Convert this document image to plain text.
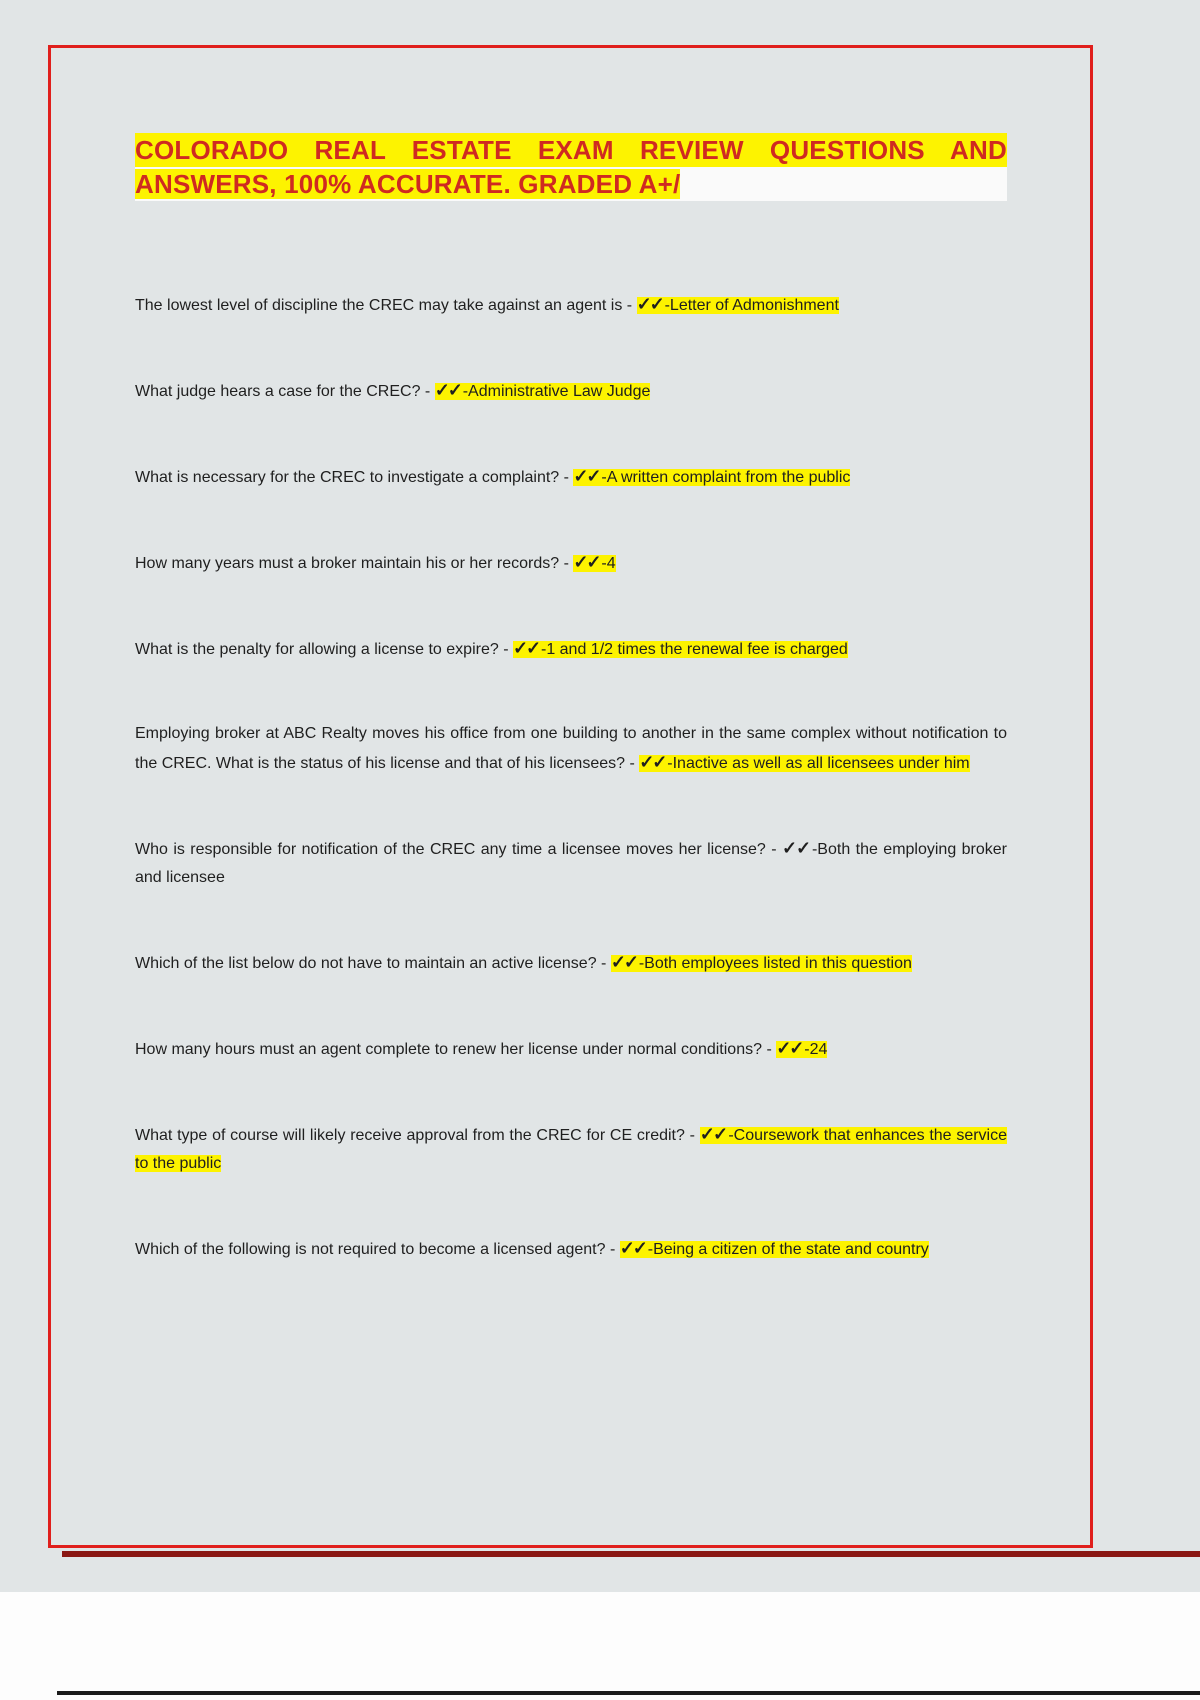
COLORADO REAL ESTATE EXAM REVIEW QUESTIONS AND
ANSWERS, 100% ACCURATE. GRADED A+/
The lowest level of discipline the CREC may take against an agent is - ✓✓ -Letter of Admonishment
What judge hears a case for the CREC? - ✓✓ -Administrative Law Judge
What is necessary for the CREC to investigate a complaint? - ✓✓ -A written complaint from the public
How many years must a broker maintain his or her records? - ✓✓ -4
What is the penalty for allowing a license to expire? - ✓✓ -1 and 1/2 times the renewal fee is charged
Employing broker at ABC Realty moves his office from one building to another in the same complex without notification to the CREC. What is the status of his license and that of his licensees? - ✓✓ -Inactive as well as all licensees under him
Who is responsible for notification of the CREC any time a licensee moves her license? - ✓✓ -Both the employing broker and licensee
Which of the list below do not have to maintain an active license? - ✓✓ -Both employees listed in this question
How many hours must an agent complete to renew her license under normal conditions? - ✓✓ -24
What type of course will likely receive approval from the CREC for CE credit? - ✓✓ -Coursework that enhances the service to the public
Which of the following is not required to become a licensed agent? - ✓✓ -Being a citizen of the state and country
